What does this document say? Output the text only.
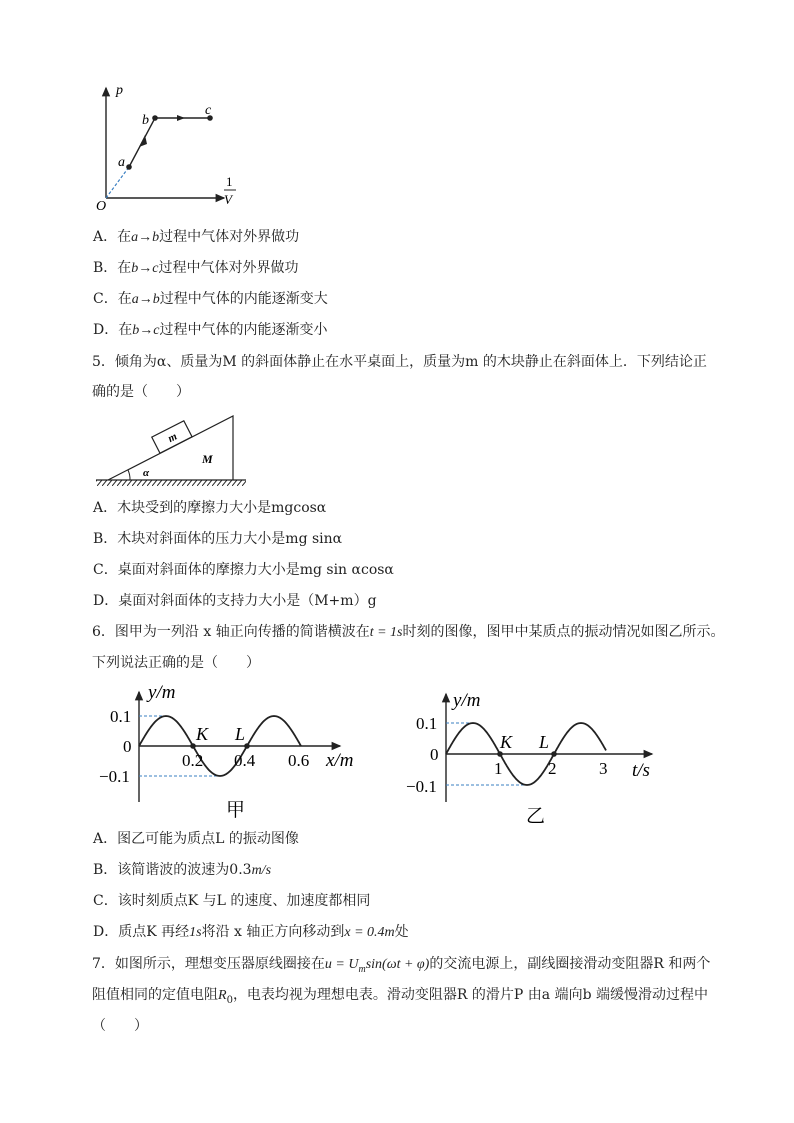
p
O
a
b
c
1
V
A．在a→b过程中气体对外界做功
B．在b→c过程中气体对外界做功
C．在a→b过程中气体的内能逐渐变大
D．在b→c过程中气体的内能逐渐变小
5．倾角为α、质量为M 的斜面体静止在水平桌面上，质量为m 的木块静止在斜面体上．下列结论正
确的是（　　）
m
α
M
A．木块受到的摩擦力大小是mgcosα
B．木块对斜面体的压力大小是mg sinα
C．桌面对斜面体的摩擦力大小是mg sin αcosα
D．桌面对斜面体的支持力大小是（M+m）g
6．图甲为一列沿 x 轴正向传播的简谐横波在t = 1s时刻的图像，图甲中某质点的振动情况如图乙所示。
下列说法正确的是（　　）
y/m
0.1
0
−0.1
0.2 0.4 0.6 x/m
K L
甲
y/m
0.1
0
−0.1
1	2	3 t/s
K L
乙
A．图乙可能为质点L 的振动图像
B．该简谐波的波速为0.3m/s
C．该时刻质点K 与L 的速度、加速度都相同
D．质点K 再经1s将沿 x 轴正方向移动到x = 0.4m处
7．如图所示，理想变压器原线圈接在$u = U_m\sin(\omega t + \varphi)$的交流电源上，副线圈接滑动变阻器R 和两个
阻值相同的定值电阻$R_0$，电表均视为理想电表。滑动变阻器R 的滑片P 由a 端向b 端缓慢滑动过程中
（　　）
